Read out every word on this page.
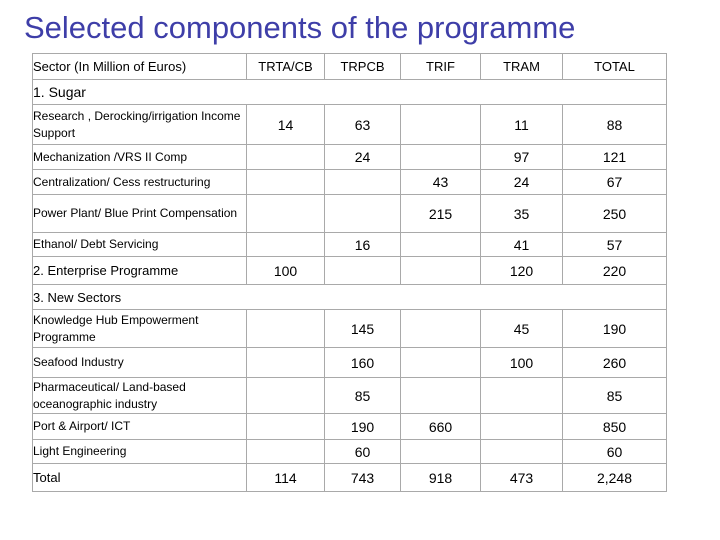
Selected components of the programme
Sector (In Million of Euros)	TRTA/CB	TRPCB	TRIF	TRAM	TOTAL
1. Sugar					
Research , Derocking/irrigation Income Support	14	63		11	88
Mechanization /VRS II Comp		24		97	121
Centralization/ Cess restructuring			43	24	67
Power Plant/ Blue Print Compensation			215	35	250
Ethanol/ Debt Servicing		16		41	57
2. Enterprise Programme	100			120	220
3. New Sectors					
Knowledge Hub Empowerment Programme		145		45	190
Seafood Industry		160		100	260
Pharmaceutical/ Land-based oceanographic industry		85			85
Port & Airport/ ICT		190	660		850
Light Engineering		60			60
Total	114	743	918	473	2,248
